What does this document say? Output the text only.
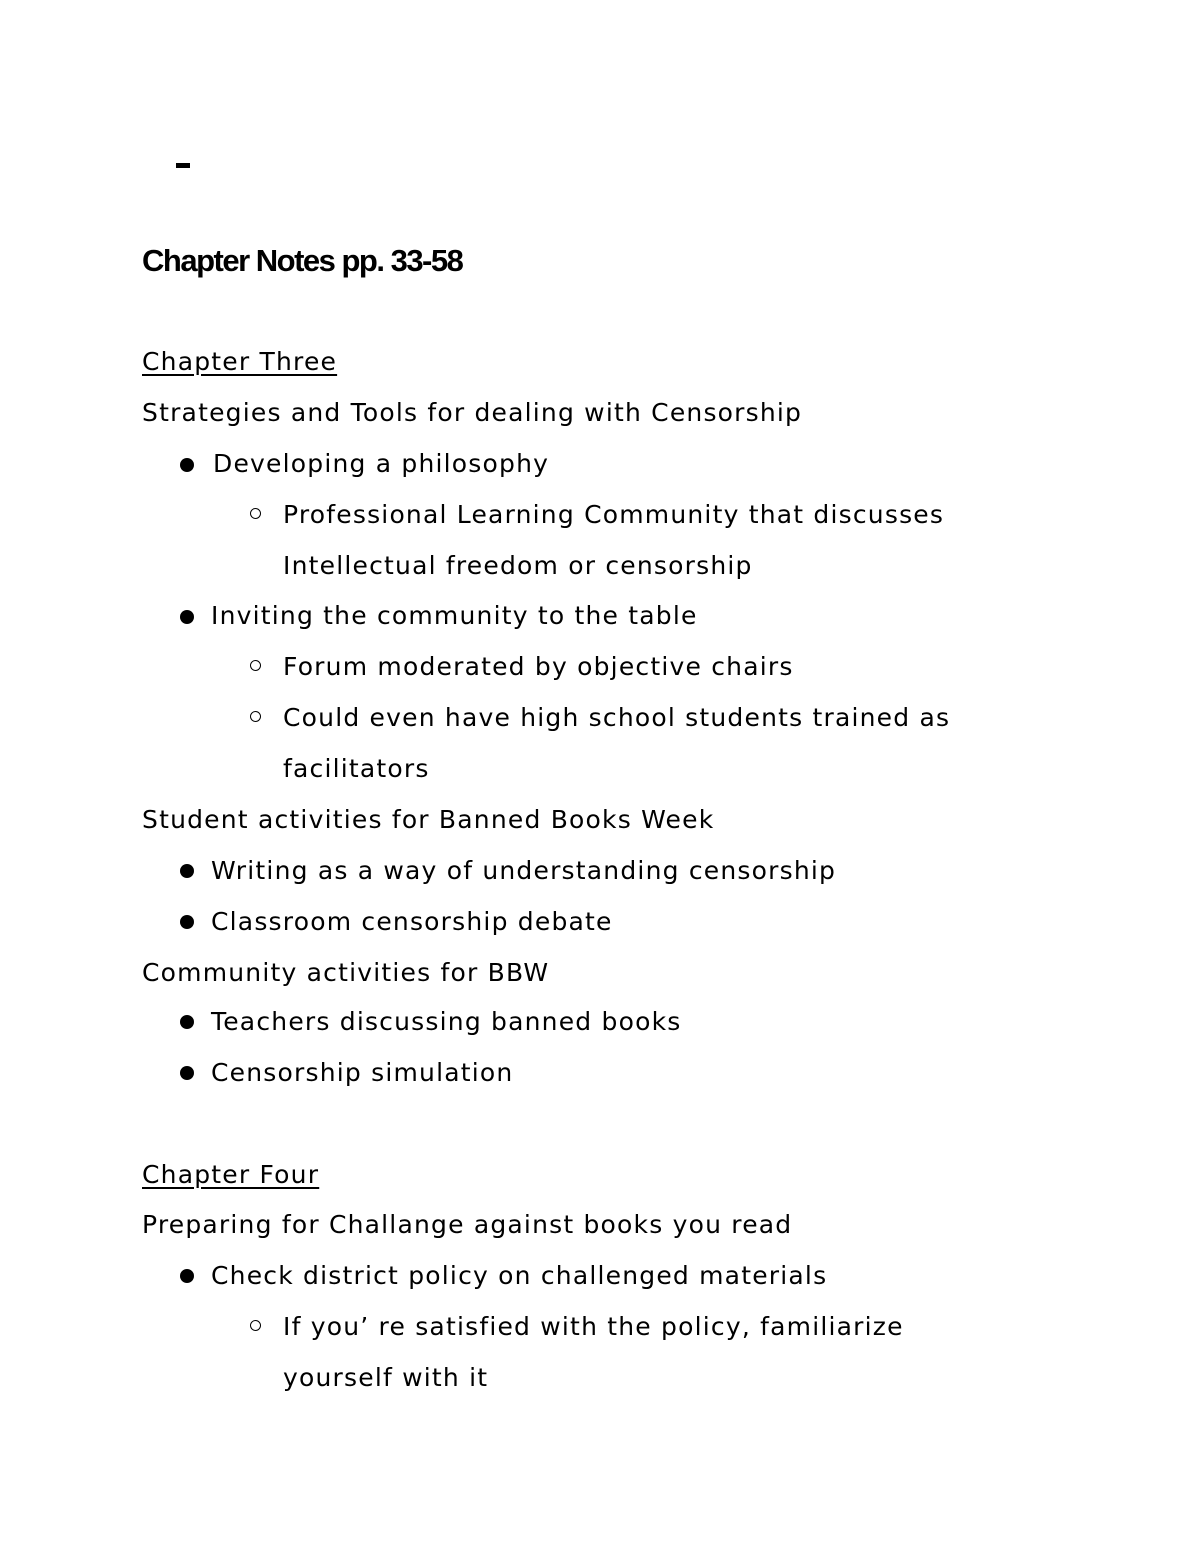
Chapter Notes pp. 33-58
Chapter Three
Strategies and Tools for dealing with Censorship
Developing a philosophy
Professional Learning Community that discusses
Intellectual freedom or censorship
Inviting the community to the table
Forum moderated by objective chairs
Could even have high school students trained as
facilitators
Student activities for Banned Books Week
Writing as a way of understanding censorship
Classroom censorship debate
Community activities for BBW
Teachers discussing banned books
Censorship simulation
Chapter Four
Preparing for Challange against books you read
Check district policy on challenged materials
If you’ re satisfied with the policy, familiarize
yourself with it
